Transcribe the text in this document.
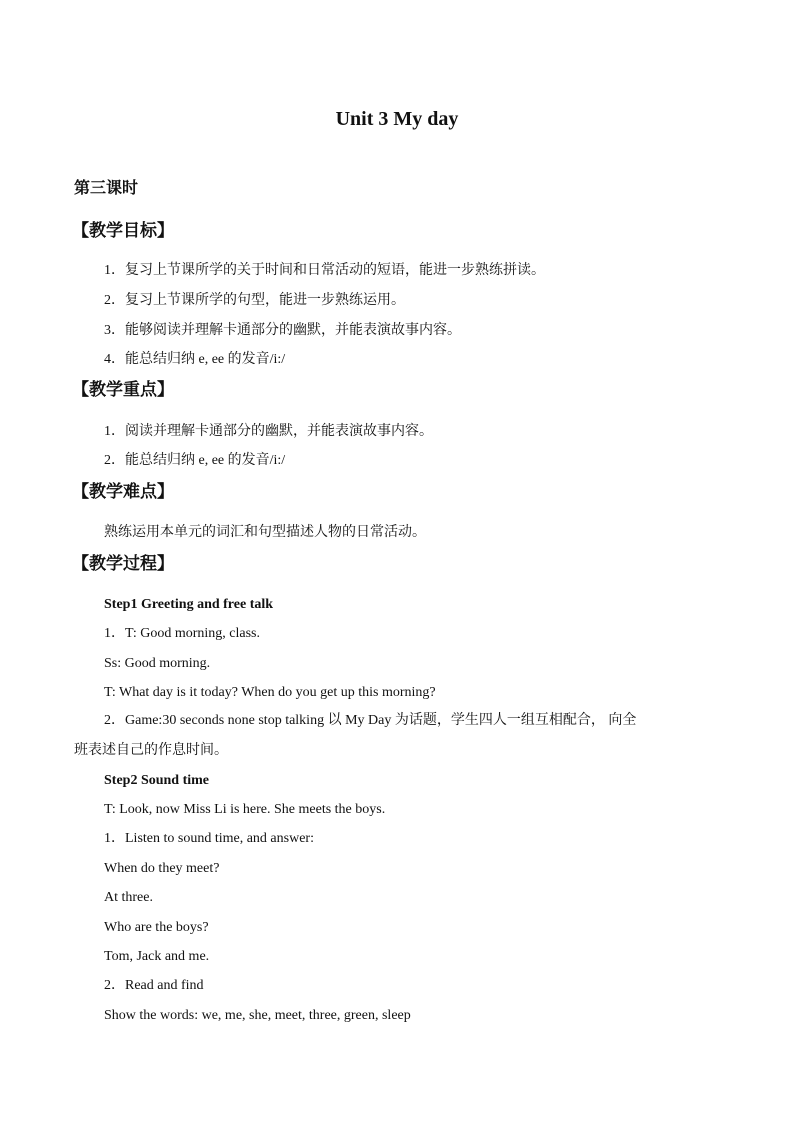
Unit 3 My day
第三课时
【教学目标】
1．复习上节课所学的关于时间和日常活动的短语，能进一步熟练拼读。
2．复习上节课所学的句型，能进一步熟练运用。
3．能够阅读并理解卡通部分的幽默，并能表演故事内容。
4．能总结归纳 e, ee 的发音/i:/
【教学重点】
1．阅读并理解卡通部分的幽默，并能表演故事内容。
2．能总结归纳 e, ee 的发音/i:/
【教学难点】
熟练运用本单元的词汇和句型描述人物的日常活动。
【教学过程】
Step1 Greeting and free talk
1．T: Good morning, class.
Ss: Good morning.
T: What day is it today? When do you get up this morning?
2．Game:30 seconds none stop talking 以 My Day 为话题，学生四人一组互相配合， 向全
班表述自己的作息时间。
Step2 Sound time
T: Look, now Miss Li is here. She meets the boys.
1．Listen to sound time, and answer:
When do they meet?
At three.
Who are the boys?
Tom, Jack and me.
2．Read and find
Show the words: we, me, she, meet, three, green, sleep
